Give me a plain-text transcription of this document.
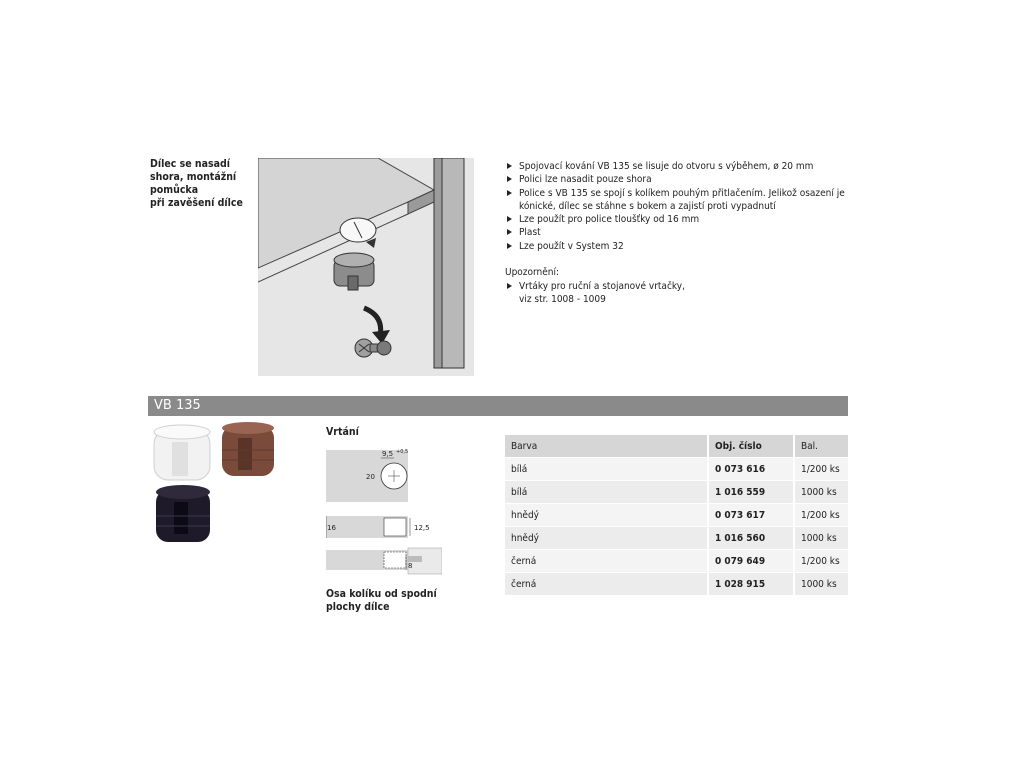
Dílec se nasadí
shora, montážní
pomůcka
při zavěšení dílce
Spojovací kování VB 135 se lisuje do otvoru s výběhem, ø 20 mm
Polici lze nasadit pouze shora
Police s VB 135 se spojí s kolíkem pouhým přitlačením. Jelikož osazení je kónické, dílec se stáhne s bokem a zajistí proti vypadnutí
Lze použít pro police tloušťky od 16 mm
Plast
Lze použít v System 32
Upozornění:
Vrtáky pro ruční a stojanové vrtačky,
viz str. 1008 - 1009
VB 135
Vrtání
9,5 +0,5
20
16	12,5
8
Osa kolíku od spodní
plochy dílce
Barva	Obj. číslo	Bal.
bílá	0 073 616	1/200 ks
bílá	1 016 559	1000 ks
hnědý	0 073 617	1/200 ks
hnědý	1 016 560	1000 ks
černá	0 079 649	1/200 ks
černá	1 028 915	1000 ks
